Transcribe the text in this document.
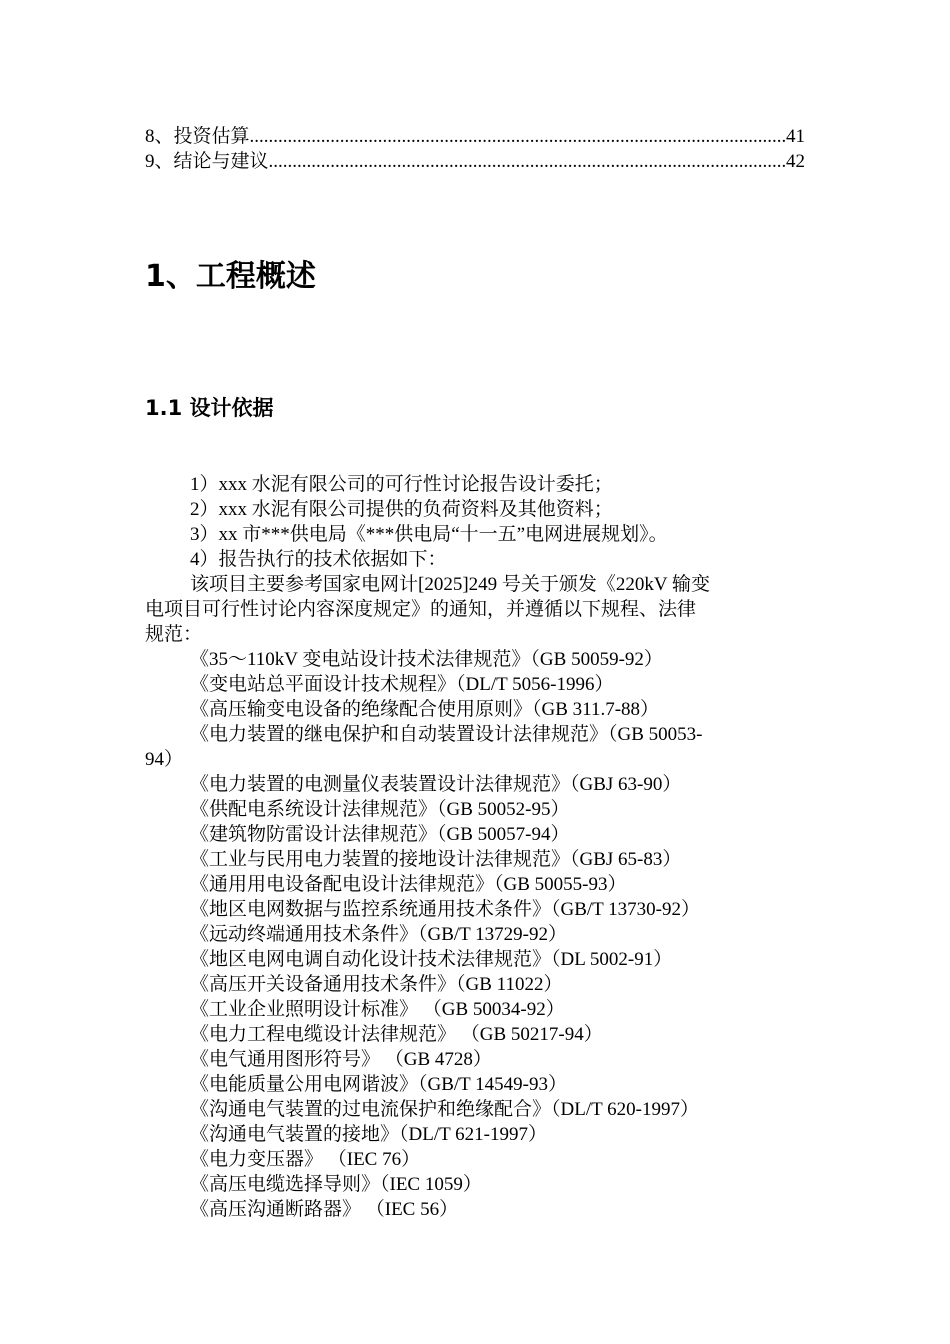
8、 投资估算 .....	41
9、 结论与建议 .....	42
1、工程概述
1.1 设计依据
1）xxx 水泥有限公司的可行性讨论报告设计委托；
2）xxx 水泥有限公司提供的负荷资料及其他资料；
3）xx 市***供电局《***供电局“十一五”电网进展规划》。
4）报告执行的技术依据如下：
该项目主要参考国家电网计[2025]249 号关于颁发《220kV 输变
电项目可行性讨论内容深度规定》的通知，并遵循以下规程、法律
规范：
《35～110kV 变电站设计技术法律规范》（GB 50059-92）
《变电站总平面设计技术规程》（DL/T 5056-1996）
《高压输变电设备的绝缘配合使用原则》（GB 311.7-88）
《电力装置的继电保护和自动装置设计法律规范》（GB 50053-
94）
《电力装置的电测量仪表装置设计法律规范》（GBJ 63-90）
《供配电系统设计法律规范》（GB 50052-95）
《建筑物防雷设计法律规范》（GB 50057-94）
《工业与民用电力装置的接地设计法律规范》（GBJ 65-83）
《通用用电设备配电设计法律规范》（GB 50055-93）
《地区电网数据与监控系统通用技术条件》（GB/T 13730-92）
《远动终端通用技术条件》（GB/T 13729-92）
《地区电网电调自动化设计技术法律规范》（DL 5002-91）
《高压开关设备通用技术条件》（GB 11022）
《工业企业照明设计标准》 （GB 50034-92）
《电力工程电缆设计法律规范》 （GB 50217-94）
《电气通用图形符号》 （GB 4728）
《电能质量公用电网谐波》（GB/T 14549-93）
《沟通电气装置的过电流保护和绝缘配合》（DL/T 620-1997）
《沟通电气装置的接地》（DL/T 621-1997）
《电力变压器》 （IEC 76）
《高压电缆选择导则》（IEC 1059）
《高压沟通断路器》 （IEC 56）
